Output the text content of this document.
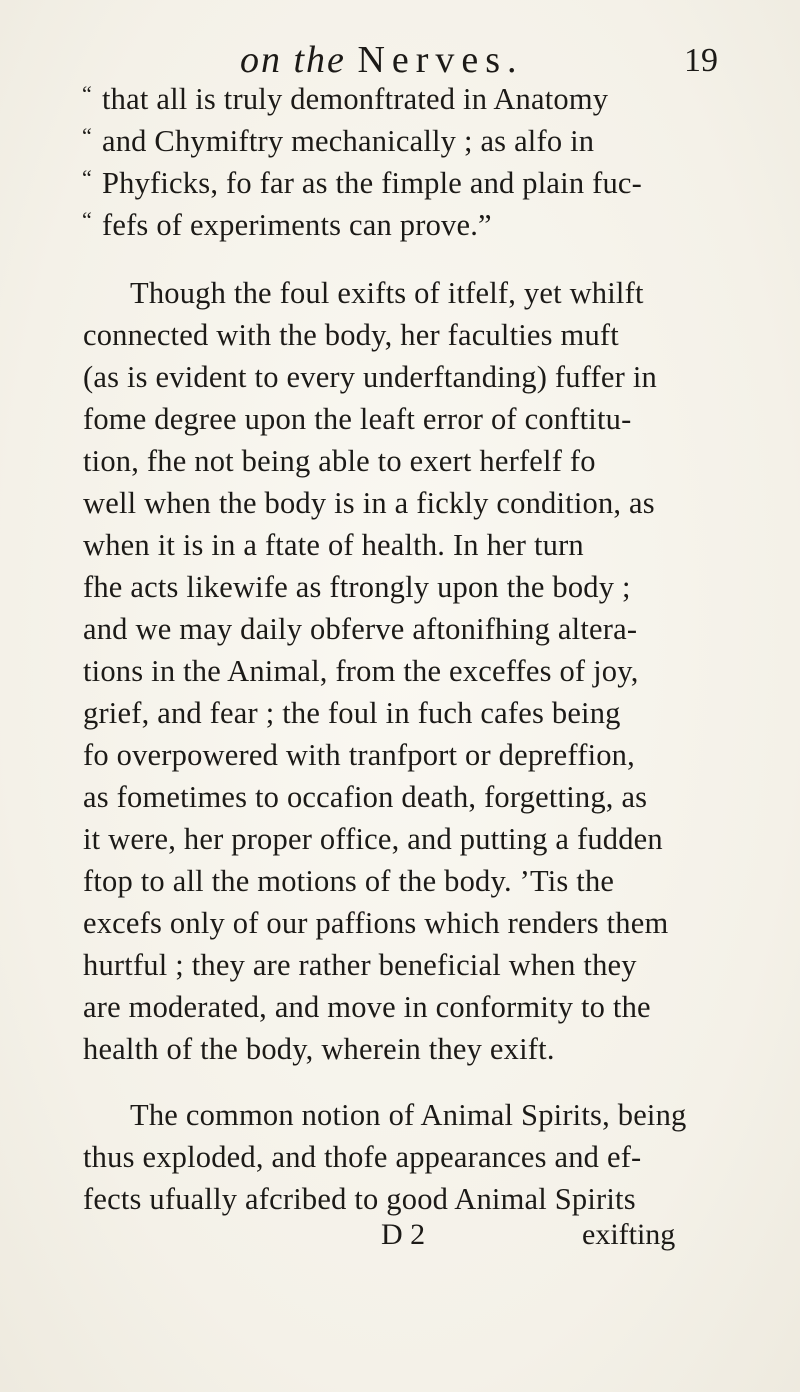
on the Nerves.	19
“ that all is truly demonftrated in Anatomy
“ and Chymiftry mechanically ; as alfo in
“ Phyficks, fo far as the fimple and plain fuc-
“ fefs of experiments can prove.”
Though the foul exifts of itfelf, yet whilft
connected with the body, her faculties muft
(as is evident to every underftanding) fuffer in
fome degree upon the leaft error of conftitu-
tion, fhe not being able to exert herfelf fo
well when the body is in a fickly condition, as
when it is in a ftate of health. In her turn
fhe acts likewife as ftrongly upon the body ;
and we may daily obferve aftonifhing altera-
tions in the Animal, from the exceffes of joy,
grief, and fear ; the foul in fuch cafes being
fo overpowered with tranfport or depreffion,
as fometimes to occafion death, forgetting, as
it were, her proper office, and putting a fudden
ftop to all the motions of the body. ’Tis the
excefs only of our paffions which renders them
hurtful ; they are rather beneficial when they
are moderated, and move in conformity to the
health of the body, wherein they exift.
The common notion of Animal Spirits, being
thus exploded, and thofe appearances and ef-
fects ufually afcribed to good Animal Spirits
D 2	exifting
